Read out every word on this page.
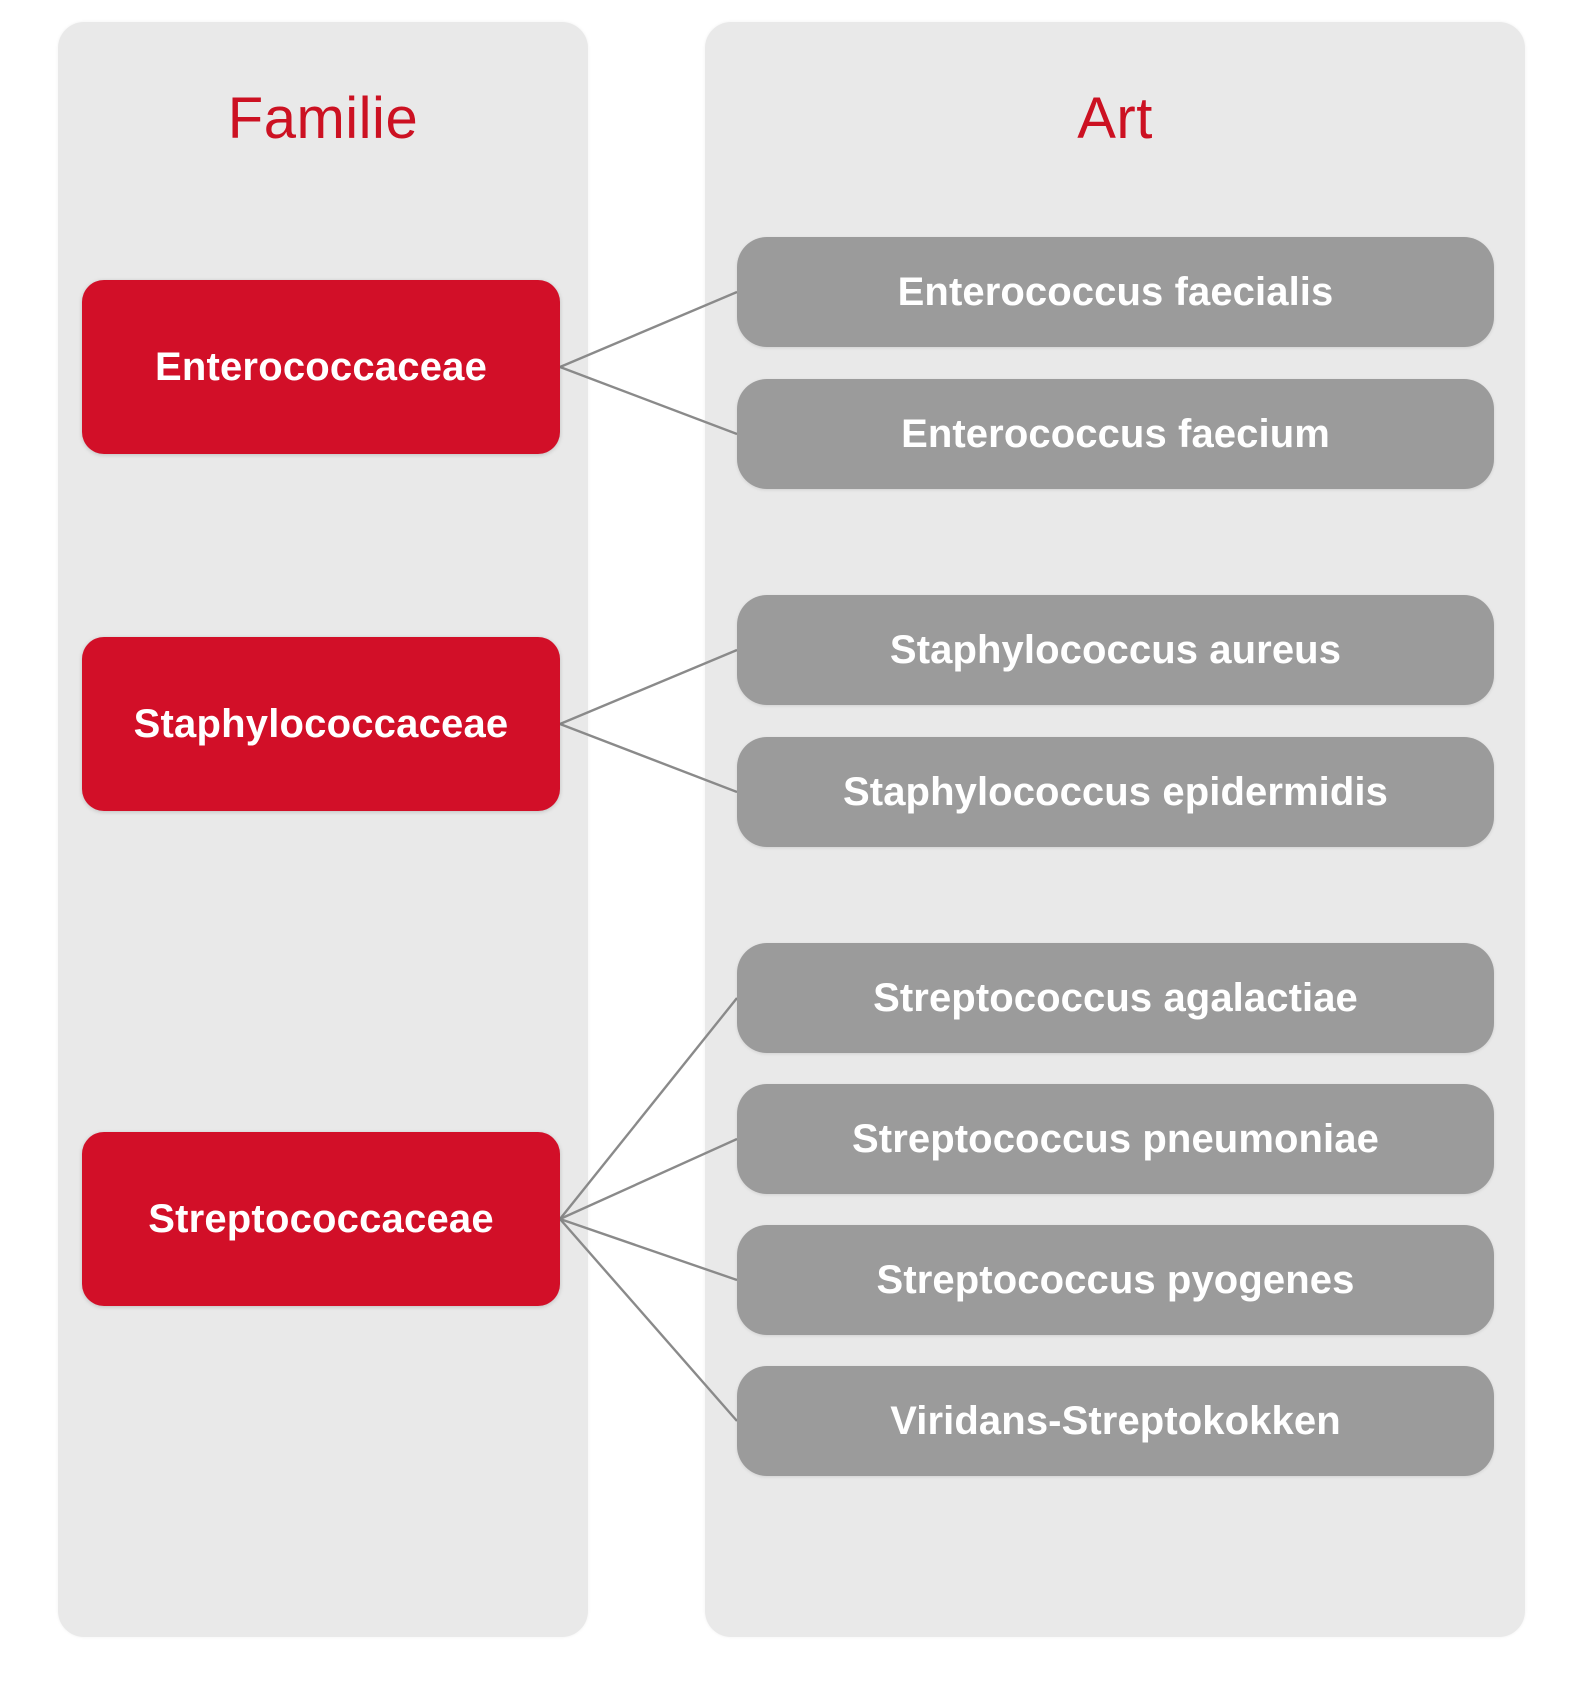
Familie	Art
Enterococcaceae
Staphylococcaceae
Streptococcaceae
Enterococcus faecialis
Enterococcus faecium
Staphylococcus aureus
Staphylococcus epidermidis
Streptococcus agalactiae
Streptococcus pneumoniae
Streptococcus pyogenes
Viridans-Streptokokken
